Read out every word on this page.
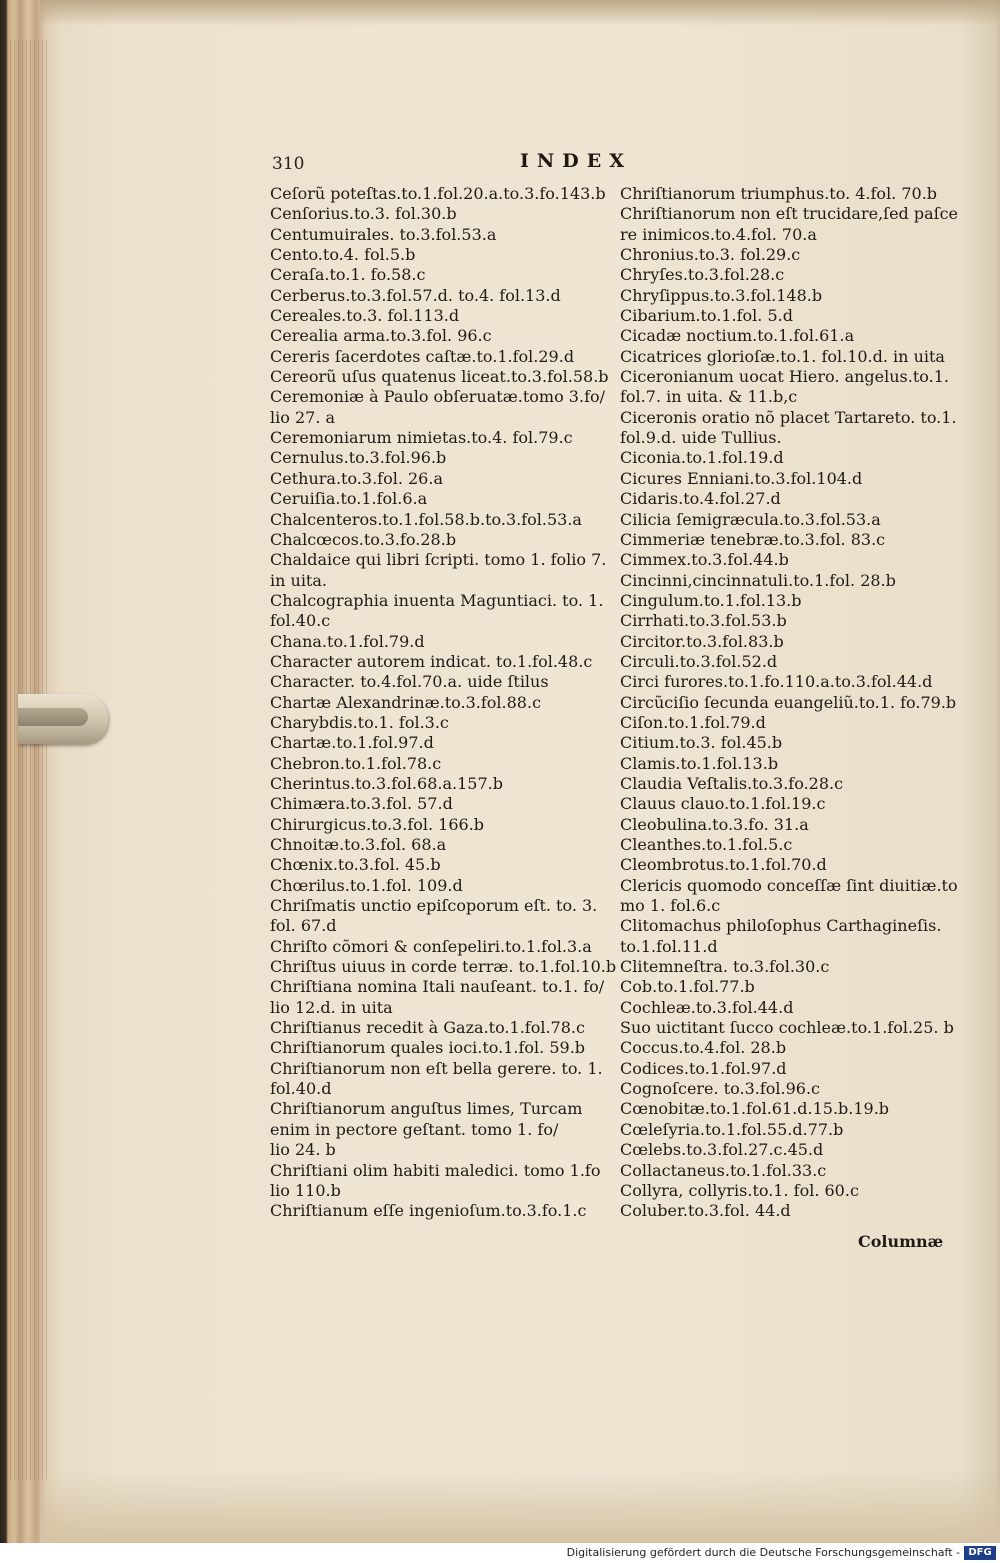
310	INDEX
Ceſorũ poteſtas.to.1.fol.20.a.to.3.fo.143.b
Cenſorius.to.3. fol.30.b
Centumuirales. to.3.fol.53.a
Cento.to.4. fol.5.b
Ceraſa.to.1. fo.58.c
Cerberus.to.3.fol.57.d. to.4. fol.13.d
Cereales.to.3. fol.113.d
Cerealia arma.to.3.fol. 96.c
Cereris ſacerdotes caſtæ.to.1.fol.29.d
Cereorũ uſus quatenus liceat.to.3.fol.58.b
Ceremoniæ à Paulo obſeruatæ.tomo 3.fo/
lio 27. a
Ceremoniarum nimietas.to.4. fol.79.c
Cernulus.to.3.fol.96.b
Cethura.to.3.fol. 26.a
Ceruiſia.to.1.fol.6.a
Chalcenteros.to.1.fol.58.b.to.3.fol.53.a
Chalcœcos.to.3.fo.28.b
Chaldaice qui libri ſcripti. tomo 1. folio 7.
in uita.
Chalcographia inuenta Maguntiaci. to. 1.
fol.40.c
Chana.to.1.fol.79.d
Character autorem indicat. to.1.fol.48.c
Character. to.4.fol.70.a. uide ſtilus
Chartæ Alexandrinæ.to.3.fol.88.c
Charybdis.to.1. fol.3.c
Chartæ.to.1.fol.97.d
Chebron.to.1.fol.78.c
Cherintus.to.3.fol.68.a.157.b
Chimæra.to.3.fol. 57.d
Chirurgicus.to.3.fol. 166.b
Chnoitæ.to.3.fol. 68.a
Chœnix.to.3.fol. 45.b
Chœrilus.to.1.fol. 109.d
Chriſmatis unctio epiſcoporum eſt. to. 3.
fol. 67.d
Chriſto cõmori & conſepeliri.to.1.fol.3.a
Chriſtus uiuus in corde terræ. to.1.fol.10.b
Chriſtiana nomina Itali nauſeant. to.1. fo/
lio 12.d. in uita
Chriſtianus recedit à Gaza.to.1.fol.78.c
Chriſtianorum quales ioci.to.1.fol. 59.b
Chriſtianorum non eſt bella gerere. to. 1.
fol.40.d
Chriſtianorum anguſtus limes, Turcam
enim in pectore geſtant. tomo 1. fo/
lio 24. b
Chriſtiani olim habiti maledici. tomo 1.fo
lio 110.b
Chriſtianum eſſe ingenioſum.to.3.fo.1.c
Chriſtianorum triumphus.to. 4.fol. 70.b
Chriſtianorum non eſt trucidare,ſed paſce
re inimicos.to.4.fol. 70.a
Chronius.to.3. fol.29.c
Chryſes.to.3.fol.28.c
Chryſippus.to.3.fol.148.b
Cibarium.to.1.fol. 5.d
Cicadæ noctium.to.1.fol.61.a
Cicatrices glorioſæ.to.1. fol.10.d. in uita
Ciceronianum uocat Hiero. angelus.to.1.
fol.7. in uita. & 11.b,c
Ciceronis oratio nõ placet Tartareto. to.1.
fol.9.d. uide Tullius.
Ciconia.to.1.fol.19.d
Cicures Enniani.to.3.fol.104.d
Cidaris.to.4.fol.27.d
Cilicia ſemigræcula.to.3.fol.53.a
Cimmeriæ tenebræ.to.3.fol. 83.c
Cimmex.to.3.fol.44.b
Cincinni,cincinnatuli.to.1.fol. 28.b
Cingulum.to.1.fol.13.b
Cirrhati.to.3.fol.53.b
Circitor.to.3.fol.83.b
Circuli.to.3.fol.52.d
Circi furores.to.1.fo.110.a.to.3.fol.44.d
Circũciſio ſecunda euangeliũ.to.1. fo.79.b
Ciſon.to.1.fol.79.d
Citium.to.3. fol.45.b
Clamis.to.1.fol.13.b
Claudia Veſtalis.to.3.fo.28.c
Clauus clauo.to.1.fol.19.c
Cleobulina.to.3.fo. 31.a
Cleanthes.to.1.fol.5.c
Cleombrotus.to.1.fol.70.d
Clericis quomodo conceſſæ ſint diuitiæ.to
mo 1. fol.6.c
Clitomachus philoſophus Carthagineſis.
to.1.fol.11.d
Clitemneſtra. to.3.fol.30.c
Cob.to.1.fol.77.b
Cochleæ.to.3.fol.44.d
Suo uictitant ſucco cochleæ.to.1.fol.25. b
Coccus.to.4.fol. 28.b
Codices.to.1.fol.97.d
Cognoſcere. to.3.fol.96.c
Cœnobitæ.to.1.fol.61.d.15.b.19.b
Cœleſyria.to.1.fol.55.d.77.b
Cœlebs.to.3.fol.27.c.45.d
Collactaneus.to.1.fol.33.c
Collyra, collyris.to.1. fol. 60.c
Coluber.to.3.fol. 44.d
Columnæ
Digitalisierung gefördert durch die Deutsche Forschungsgemeinschaft - DFG
